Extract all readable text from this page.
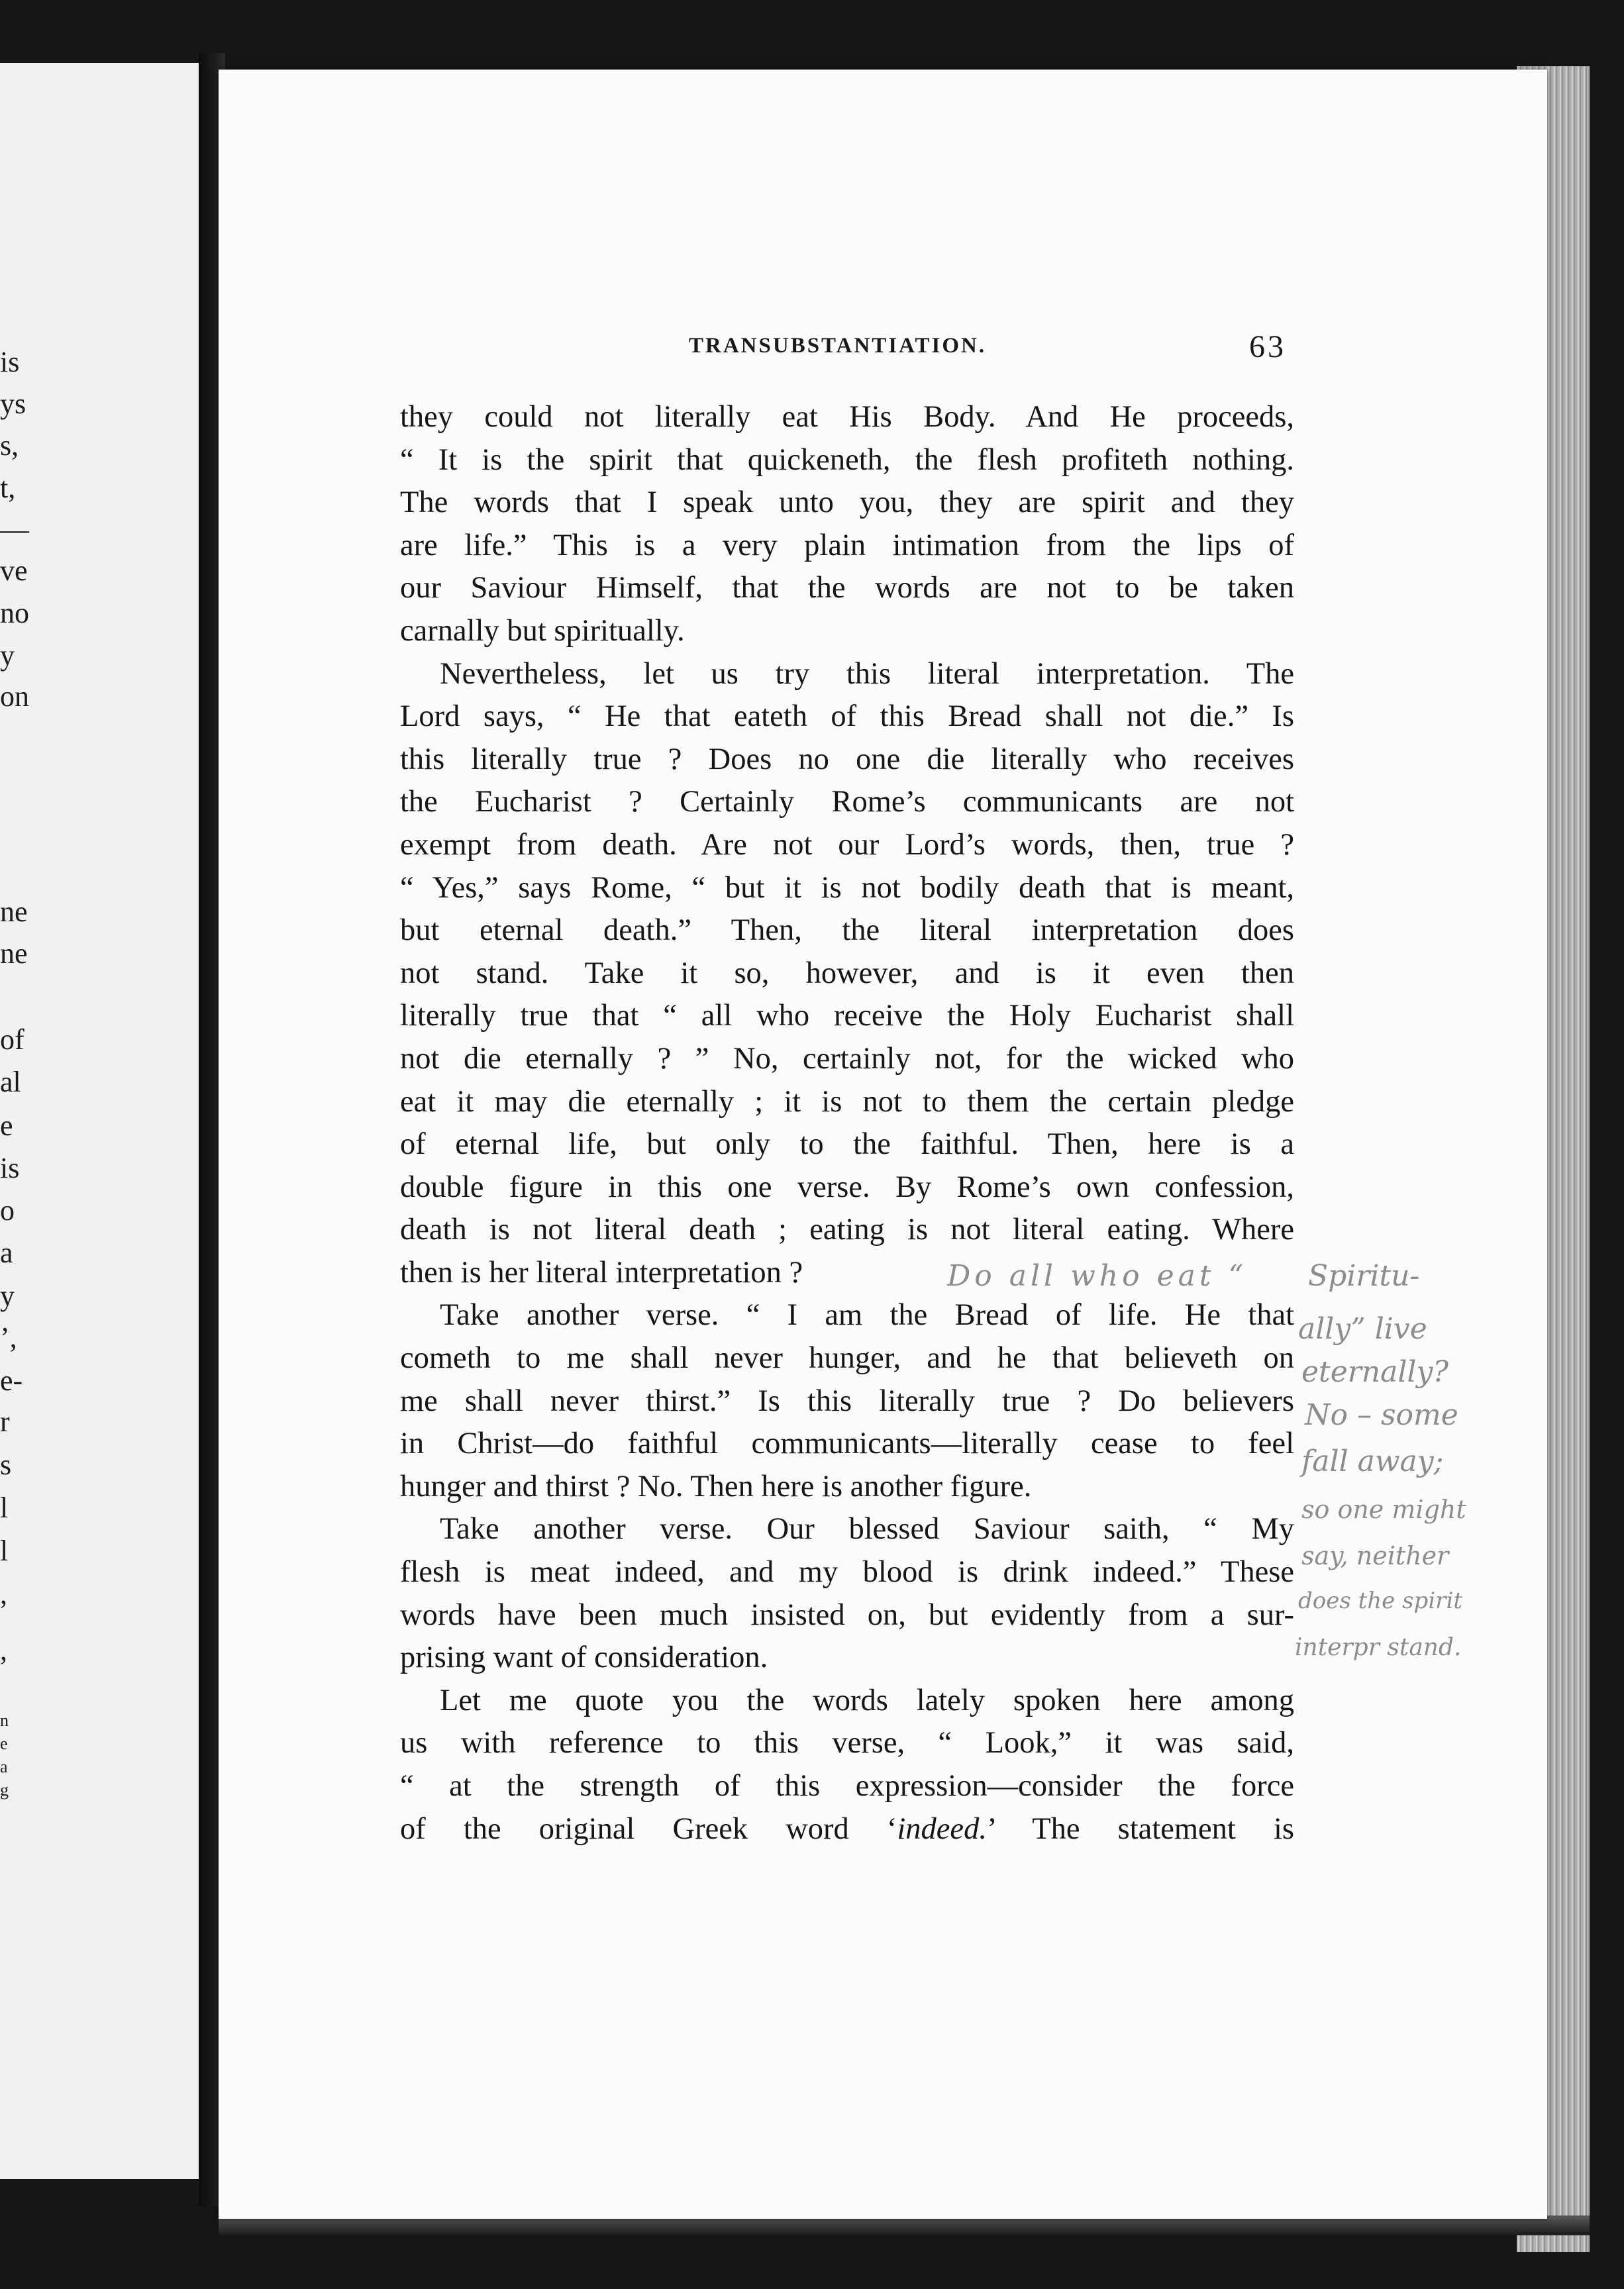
is
ys
s,
t,
—
ve
no
y
on
ne
ne
of
al
e
is
o
a
y
’,
e-
r
s
l
l
,
,
n
e
a
g
TRANSUBSTANTIATION.	63
they could not literally eat His Body. And He proceeds,
“ It is the spirit that quickeneth, the flesh profiteth nothing.
The words that I speak unto you, they are spirit and they
are life.” This is a very plain intimation from the lips of
our Saviour Himself, that the words are not to be taken
carnally but spiritually.
Nevertheless, let us try this literal interpretation. The
Lord says, “ He that eateth of this Bread shall not die.” Is
this literally true ? Does no one die literally who receives
the Eucharist ? Certainly Rome’s communicants are not
exempt from death. Are not our Lord’s words, then, true ?
“ Yes,” says Rome, “ but it is not bodily death that is meant,
but eternal death.” Then, the literal interpretation does
not stand. Take it so, however, and is it even then
literally true that “ all who receive the Holy Eucharist shall
not die eternally ? ” No, certainly not, for the wicked who
eat it may die eternally ; it is not to them the certain pledge
of eternal life, but only to the faithful. Then, here is a
double figure in this one verse. By Rome’s own confession,
death is not literal death ; eating is not literal eating. Where
then is her literal interpretation ?
Take another verse. “ I am the Bread of life. He that
cometh to me shall never hunger, and he that believeth on
me shall never thirst.” Is this literally true ? Do believers
in Christ—do faithful communicants—literally cease to feel
hunger and thirst ? No. Then here is another figure.
Take another verse. Our blessed Saviour saith, “ My
flesh is meat indeed, and my blood is drink indeed.” These
words have been much insisted on, but evidently from a sur-
prising want of consideration.
Let me quote you the words lately spoken here among
us with reference to this verse, “ Look,” it was said,
“ at the strength of this expression—consider the force
of the original Greek word ‘indeed.’ The statement is
Do all who eat “ Spiritu-
ally” live
eternally?
No – some
fall away;
so one might
say, neither
does the spirit
interpr stand.
